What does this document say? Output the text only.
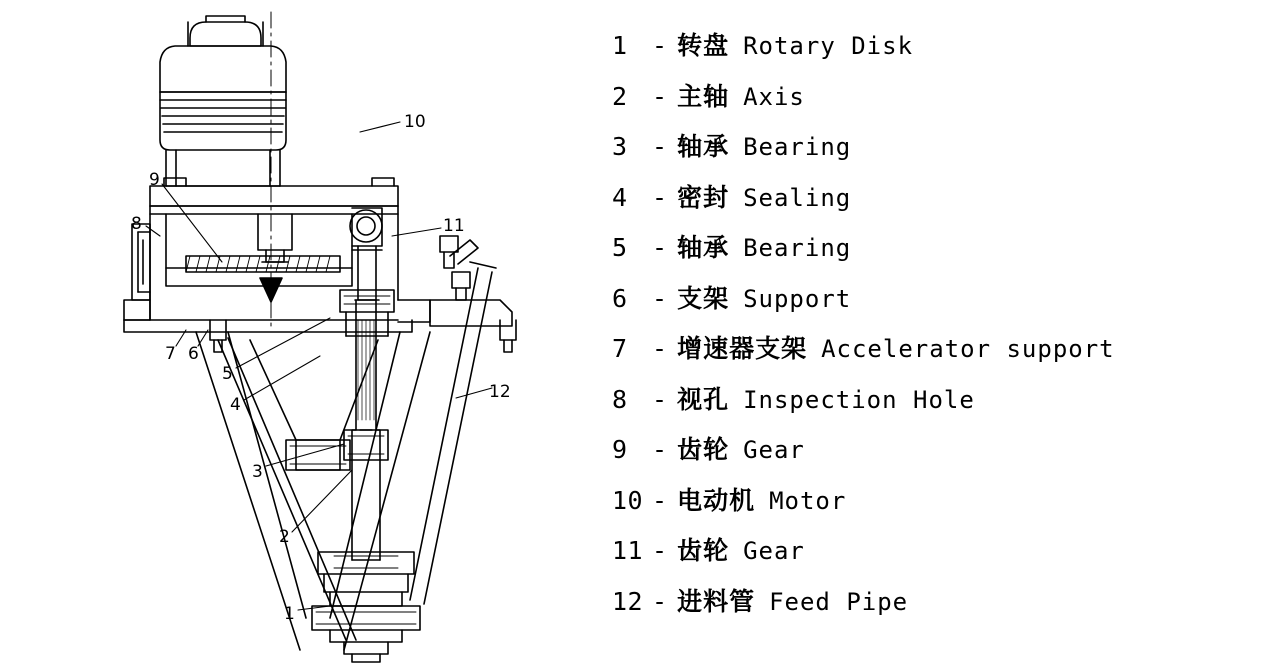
1
2
3
4
5
6
7
8
9
10
11
12
1 - 转盘 Rotary Disk
2 - 主轴 Axis
3 - 轴承 Bearing
4 - 密封 Sealing
5 - 轴承 Bearing
6 - 支架 Support
7 - 增速器支架 Accelerator support
8 - 视孔 Inspection Hole
9 - 齿轮 Gear
10 - 电动机 Motor
11 - 齿轮 Gear
12 - 进料管 Feed Pipe
